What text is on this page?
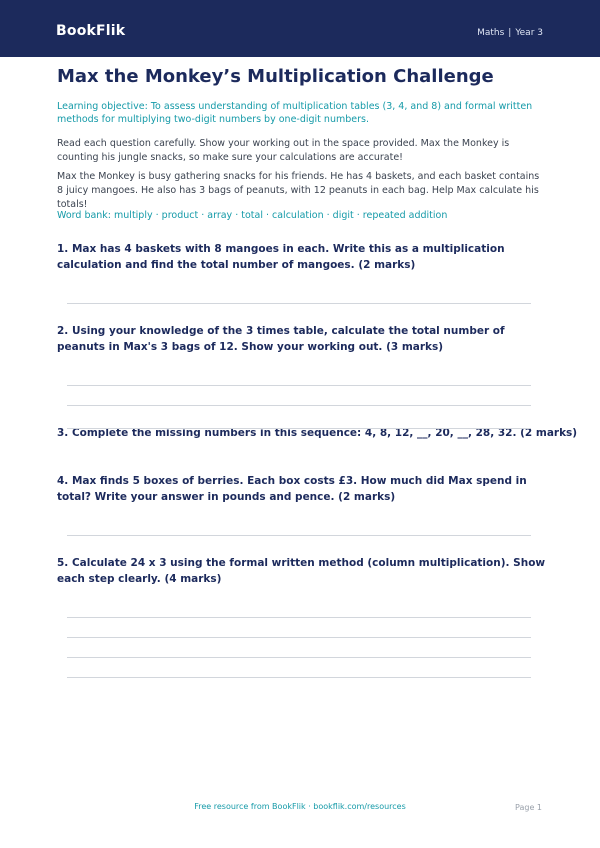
BookFlik	Maths | Year 3
Max the Monkey’s Multiplication Challenge
Learning objective: To assess understanding of multiplication tables (3, 4, and 8) and formal written methods for multiplying two-digit numbers by one-digit numbers.
Read each question carefully. Show your working out in the space provided. Max the Monkey is counting his jungle snacks, so make sure your calculations are accurate!
Max the Monkey is busy gathering snacks for his friends. He has 4 baskets, and each basket contains 8 juicy mangoes. He also has 3 bags of peanuts, with 12 peanuts in each bag. Help Max calculate his totals!
Word bank: multiply · product · array · total · calculation · digit · repeated addition
1. Max has 4 baskets with 8 mangoes in each. Write this as a multiplication calculation and find the total number of mangoes. (2 marks)
2. Using your knowledge of the 3 times table, calculate the total number of peanuts in Max's 3 bags of 12. Show your working out. (3 marks)
3. Complete the missing numbers in this sequence: 4, 8, 12, __, 20, __, 28, 32. (2 marks)
4. Max finds 5 boxes of berries. Each box costs £3. How much did Max spend in total? Write your answer in pounds and pence. (2 marks)
5. Calculate 24 x 3 using the formal written method (column multiplication). Show each step clearly. (4 marks)
Free resource from BookFlik · bookflik.com/resources	Page 1
